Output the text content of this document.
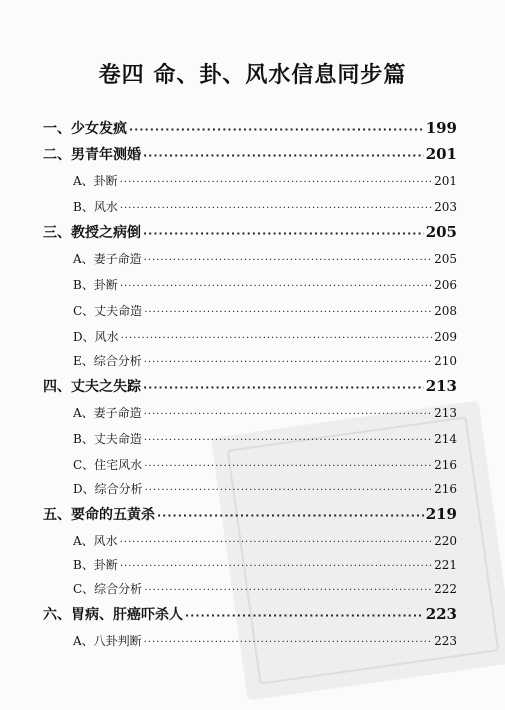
卷四 命、卦、风水信息同步篇
一、少女发疯 ·····	199
二、男青年测婚 ·····	201
A、卦断 ·····	201
B、风水 ·····	203
三、教授之病倒 ·····	205
A、妻子命造 ·····	205
B、卦断 ·····	206
C、丈夫命造 ·····	208
D、风水 ·····	209
E、综合分析 ·····	210
四、丈夫之失踪 ·····	213
A、妻子命造 ·····	213
B、丈夫命造 ·····	214
C、住宅风水 ·····	216
D、综合分析 ·····	216
五、要命的五黄杀 ·····	219
A、风水 ·····	220
B、卦断 ·····	221
C、综合分析 ·····	222
六、胃病、肝癌吓杀人 ·····	223
A、八卦判断 ·····	223
